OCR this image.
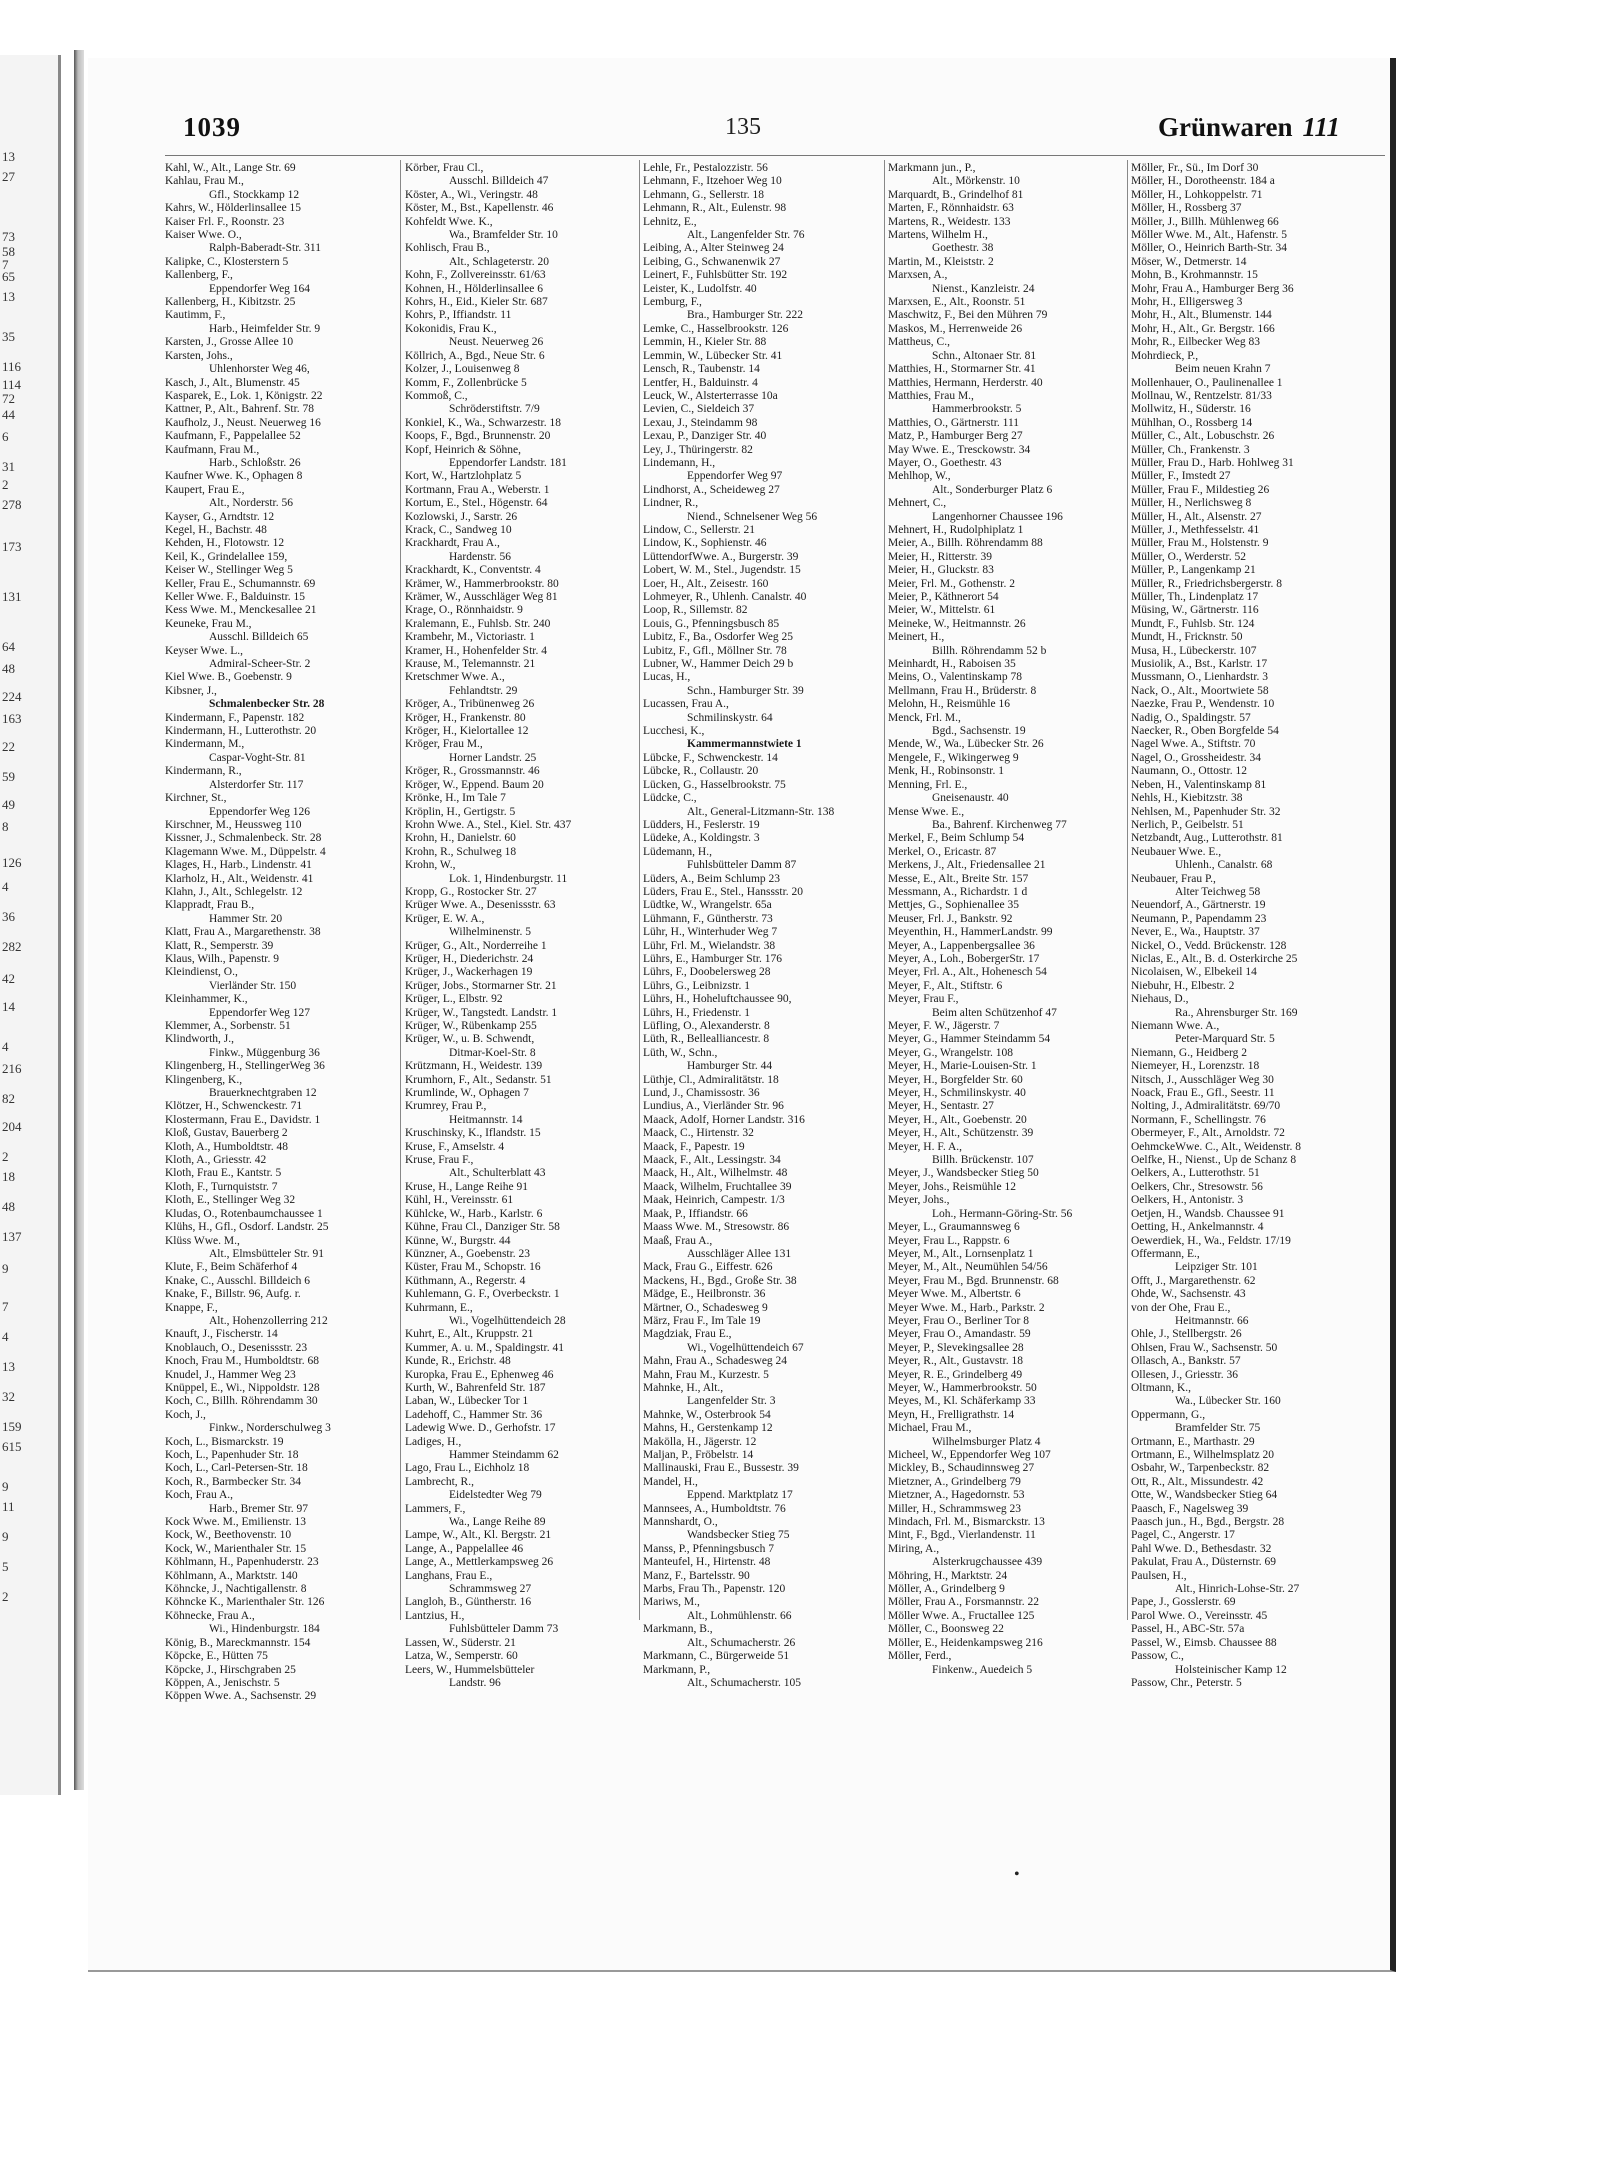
13
27
73
58
7
65
13
35
116
114
72
44
6
31
2
278
173
131
64
48
224
163
22
59
49
8
126
4
36
282
42
14
4
216
82
204
2
18
48
137
9
7
4
13
32
159
615
9
11
9
5
2
1039	135	Grünwaren 111
Kahl, W., Alt., Lange Str. 69
Kahlau, Frau M.,
Gfl., Stockkamp 12
Kahrs, W., Hölderlinsallee 15
Kaiser Frl. F., Roonstr. 23
Kaiser Wwe. O.,
Ralph-Baberadt-Str. 311
Kalipke, C., Klosterstern 5
Kallenberg, F.,
Eppendorfer Weg 164
Kallenberg, H., Kibitzstr. 25
Kautimm, F.,
Harb., Heimfelder Str. 9
Karsten, J., Grosse Allee 10
Karsten, Johs.,
Uhlenhorster Weg 46,
Kasch, J., Alt., Blumenstr. 45
Kasparek, E., Lok. 1, Königstr. 22
Kattner, P., Alt., Bahrenf. Str. 78
Kaufholz, J., Neust. Neuerweg 16
Kaufmann, F., Pappelallee 52
Kaufmann, Frau M.,
Harb., Schloßstr. 26
Kaufner Wwe. K., Ophagen 8
Kaupert, Frau E.,
Alt., Norderstr. 56
Kayser, G., Arndtstr. 12
Kegel, H., Bachstr. 48
Kehden, H., Flotowstr. 12
Keil, K., Grindelallee 159,
Keiser W., Stellinger Weg 5
Keller, Frau E., Schumannstr. 69
Keller Wwe. F., Balduinstr. 15
Kess Wwe. M., Menckesallee 21
Keuneke, Frau M.,
Ausschl. Billdeich 65
Keyser Wwe. L.,
Admiral-Scheer-Str. 2
Kiel Wwe. B., Goebenstr. 9
Kibsner, J.,
Schmalenbecker Str. 28
Kindermann, F., Papenstr. 182
Kindermann, H., Lutterothstr. 20
Kindermann, M.,
Caspar-Voght-Str. 81
Kindermann, R.,
Alsterdorfer Str. 117
Kirchner, St.,
Eppendorfer Weg 126
Kirschner, M., Heussweg 110
Kissner, J., Schmalenbeck. Str. 28
Klagemann Wwe. M., Düppelstr. 4
Klages, H., Harb., Lindenstr. 41
Klarholz, H., Alt., Weidenstr. 41
Klahn, J., Alt., Schlegelstr. 12
Klappradt, Frau B.,
Hammer Str. 20
Klatt, Frau A., Margarethenstr. 38
Klatt, R., Semperstr. 39
Klaus, Wilh., Papenstr. 9
Kleindienst, O.,
Vierländer Str. 150
Kleinhammer, K.,
Eppendorfer Weg 127
Klemmer, A., Sorbenstr. 51
Klindworth, J.,
Finkw., Müggenburg 36
Klingenberg, H., StellingerWeg 36
Klingenberg, K.,
Brauerknechtgraben 12
Klötzer, H., Schwenckestr. 71
Klostermann, Frau E., Davidstr. 1
Kloß, Gustav, Bauerberg 2
Kloth, A., Humboldtstr. 48
Kloth, A., Griesstr. 42
Kloth, Frau E., Kantstr. 5
Kloth, F., Turnquiststr. 7
Kloth, E., Stellinger Weg 32
Kludas, O., Rotenbaumchaussee 1
Klühs, H., Gfl., Osdorf. Landstr. 25
Klüss Wwe. M.,
Alt., Elmsbütteler Str. 91
Klute, F., Beim Schäferhof 4
Knake, C., Ausschl. Billdeich 6
Knake, F., Billstr. 96, Aufg. r.
Knappe, F.,
Alt., Hohenzollerring 212
Knauft, J., Fischerstr. 14
Knoblauch, O., Desenissstr. 23
Knoch, Frau M., Humboldtstr. 68
Knudel, J., Hammer Weg 23
Knüppel, E., Wi., Nippoldstr. 128
Koch, C., Billh. Röhrendamm 30
Koch, J.,
Finkw., Norderschulweg 3
Koch, L., Bismarckstr. 19
Koch, L., Papenhuder Str. 18
Koch, L., Carl-Petersen-Str. 18
Koch, R., Barmbecker Str. 34
Koch, Frau A.,
Harb., Bremer Str. 97
Kock Wwe. M., Emilienstr. 13
Kock, W., Beethovenstr. 10
Kock, W., Marienthaler Str. 15
Köhlmann, H., Papenhuderstr. 23
Köhlmann, A., Marktstr. 140
Köhncke, J., Nachtigallenstr. 8
Köhncke K., Marienthaler Str. 126
Köhnecke, Frau A.,
Wi., Hindenburgstr. 184
König, B., Mareckmannstr. 154
Köpcke, E., Hütten 75
Köpcke, J., Hirschgraben 25
Köppen, A., Jenischstr. 5
Köppen Wwe. A., Sachsenstr. 29
Körber, Frau Cl.,
Ausschl. Billdeich 47
Köster, A., Wi., Veringstr. 48
Köster, M., Bst., Kapellenstr. 46
Kohfeldt Wwe. K.,
Wa., Bramfelder Str. 10
Kohlisch, Frau B.,
Alt., Schlageterstr. 20
Kohn, F., Zollvereinsstr. 61/63
Kohnen, H., Hölderlinsallee 6
Kohrs, H., Eid., Kieler Str. 687
Kohrs, P., Iffiandstr. 11
Kokonidis, Frau K.,
Neust. Neuerweg 26
Köllrich, A., Bgd., Neue Str. 6
Kolzer, J., Louisenweg 8
Komm, F., Zollenbrücke 5
Kommoß, C.,
Schröderstiftstr. 7/9
Konkiel, K., Wa., Schwarzestr. 18
Koops, F., Bgd., Brunnenstr. 20
Kopf, Heinrich & Söhne,
Eppendorfer Landstr. 181
Kort, W., Hartzlohplatz 5
Kortmann, Frau A., Weberstr. 1
Kortum, E., Stel., Högenstr. 64
Kozlowski, J., Sarstr. 26
Krack, C., Sandweg 10
Krackhardt, Frau A.,
Hardenstr. 56
Krackhardt, K., Conventstr. 4
Krämer, W., Hammerbrookstr. 80
Krämer, W., Ausschläger Weg 81
Krage, O., Rönnhaidstr. 9
Kralemann, E., Fuhlsb. Str. 240
Krambehr, M., Victoriastr. 1
Kramer, H., Hohenfelder Str. 4
Krause, M., Telemannstr. 21
Kretschmer Wwe. A.,
Fehlandtstr. 29
Kröger, A., Tribünenweg 26
Kröger, H., Frankenstr. 80
Kröger, H., Kielortallee 12
Kröger, Frau M.,
Horner Landstr. 25
Kröger, R., Grossmannstr. 46
Kröger, W., Eppend. Baum 20
Krönke, H., Im Tale 7
Kröplin, H., Gertigstr. 5
Krohn Wwe. A., Stel., Kiel. Str. 437
Krohn, H., Danielstr. 60
Krohn, R., Schulweg 18
Krohn, W.,
Lok. 1, Hindenburgstr. 11
Kropp, G., Rostocker Str. 27
Krüger Wwe. A., Desenissstr. 63
Krüger, E. W. A.,
Wilhelminenstr. 5
Krüger, G., Alt., Norderreihe 1
Krüger, H., Diederichstr. 24
Krüger, J., Wackerhagen 19
Krüger, Jobs., Stormarner Str. 21
Krüger, L., Elbstr. 92
Krüger, W., Tangstedt. Landstr. 1
Krüger, W., Rübenkamp 255
Krüger, W., u. B. Schwendt,
Ditmar-Koel-Str. 8
Krützmann, H., Weidestr. 139
Krumhorn, F., Alt., Sedanstr. 51
Krumlinde, W., Ophagen 7
Krumrey, Frau P.,
Heitmannstr. 14
Kruschinsky, K., Iflandstr. 15
Kruse, F., Amselstr. 4
Kruse, Frau F.,
Alt., Schulterblatt 43
Kruse, H., Lange Reihe 91
Kühl, H., Vereinsstr. 61
Kühlcke, W., Harb., Karlstr. 6
Kühne, Frau Cl., Danziger Str. 58
Künne, W., Burgstr. 44
Künzner, A., Goebenstr. 23
Küster, Frau M., Schopstr. 16
Küthmann, A., Regerstr. 4
Kuhlemann, G. F., Overbeckstr. 1
Kuhrmann, E.,
Wi., Vogelhüttendeich 28
Kuhrt, E., Alt., Kruppstr. 21
Kummer, A. u. M., Spaldingstr. 41
Kunde, R., Erichstr. 48
Kuropka, Frau E., Ephenweg 46
Kurth, W., Bahrenfeld Str. 187
Laban, W., Lübecker Tor 1
Ladehoff, C., Hammer Str. 36
Ladewig Wwe. D., Gerhofstr. 17
Ladiges, H.,
Hammer Steindamm 62
Lago, Frau L., Eichholz 18
Lambrecht, R.,
Eidelstedter Weg 79
Lammers, F.,
Wa., Lange Reihe 89
Lampe, W., Alt., Kl. Bergstr. 21
Lange, A., Pappelallee 46
Lange, A., Mettlerkampsweg 26
Langhans, Frau E.,
Schrammsweg 27
Langloh, B., Güntherstr. 16
Lantzius, H.,
Fuhlsbütteler Damm 73
Lassen, W., Süderstr. 21
Latza, W., Semperstr. 60
Leers, W., Hummelsbütteler
Landstr. 96
Lehle, Fr., Pestalozzistr. 56
Lehmann, F., Itzehoer Weg 10
Lehmann, G., Sellerstr. 18
Lehmann, R., Alt., Eulenstr. 98
Lehnitz, E.,
Alt., Langenfelder Str. 76
Leibing, A., Alter Steinweg 24
Leibing, G., Schwanenwik 27
Leinert, F., Fuhlsbütter Str. 192
Leister, K., Ludolfstr. 40
Lemburg, F.,
Bra., Hamburger Str. 222
Lemke, C., Hasselbrookstr. 126
Lemmin, H., Kieler Str. 88
Lemmin, W., Lübecker Str. 41
Lensch, R., Taubenstr. 14
Lentfer, H., Balduinstr. 4
Leuck, W., Alsterterrasse 10a
Levien, C., Sieldeich 37
Lexau, J., Steindamm 98
Lexau, P., Danziger Str. 40
Ley, J., Thüringerstr. 82
Lindemann, H.,
Eppendorfer Weg 97
Lindhorst, A., Scheideweg 27
Lindner, R.,
Niend., Schnelsener Weg 56
Lindow, C., Sellerstr. 21
Lindow, K., Sophienstr. 46
LüttendorfWwe. A., Burgerstr. 39
Lobert, W. M., Stel., Jugendstr. 15
Loer, H., Alt., Zeisestr. 160
Lohmeyer, R., Uhlenh. Canalstr. 40
Loop, R., Sillemstr. 82
Louis, G., Pfenningsbusch 85
Lubitz, F., Ba., Osdorfer Weg 25
Lubitz, F., Gfl., Möllner Str. 78
Lubner, W., Hammer Deich 29 b
Lucas, H.,
Schn., Hamburger Str. 39
Lucassen, Frau A.,
Schmilinskystr. 64
Lucchesi, K.,
Kammermannstwiete 1
Lübcke, F., Schwenckestr. 14
Lübcke, R., Collaustr. 20
Lücken, G., Hasselbrookstr. 75
Lüdcke, C.,
Alt., General-Litzmann-Str. 138
Lüdders, H., Feslerstr. 19
Lüdeke, A., Koldingstr. 3
Lüdemann, H.,
Fuhlsbütteler Damm 87
Lüders, A., Beim Schlump 23
Lüders, Frau E., Stel., Hanssstr. 20
Lüdtke, W., Wrangelstr. 65a
Lühmann, F., Güntherstr. 73
Lühr, H., Winterhuder Weg 7
Lühr, Frl. M., Wielandstr. 38
Lührs, E., Hamburger Str. 176
Lührs, F., Doobelersweg 28
Lührs, G., Leibnizstr. 1
Lührs, H., Hoheluftchaussee 90,
Lührs, H., Friedenstr. 1
Lüfling, O., Alexanderstr. 8
Lüth, R., Bellealliancestr. 8
Lüth, W., Schn.,
Hamburger Str. 44
Lüthje, Cl., Admiralitätstr. 18
Lund, J., Chamissostr. 36
Lundius, A., Vierländer Str. 96
Maack, Adolf, Horner Landstr. 316
Maack, C., Hirtenstr. 32
Maack, F., Papestr. 19
Maack, F., Alt., Lessingstr. 34
Maack, H., Alt., Wilhelmstr. 48
Maack, Wilhelm, Fruchtallee 39
Maak, Heinrich, Campestr. 1/3
Maak, P., Iffiandstr. 66
Maass Wwe. M., Stresowstr. 86
Maaß, Frau A.,
Ausschläger Allee 131
Mack, Frau G., Eiffestr. 626
Mackens, H., Bgd., Große Str. 38
Mädge, E., Heilbronstr. 36
Märtner, O., Schadesweg 9
März, Frau F., Im Tale 19
Magdziak, Frau E.,
Wi., Vogelhüttendeich 67
Mahn, Frau A., Schadesweg 24
Mahn, Frau M., Kurzestr. 5
Mahnke, H., Alt.,
Langenfelder Str. 3
Mahnke, W., Osterbrook 54
Mahns, H., Gerstenkamp 12
Makölla, H., Jägerstr. 12
Maljan, P., Fröbelstr. 14
Mallinauski, Frau E., Bussestr. 39
Mandel, H.,
Eppend. Marktplatz 17
Mannsees, A., Humboldtstr. 76
Mannshardt, O.,
Wandsbecker Stieg 75
Manss, P., Pfenningsbusch 7
Manteufel, H., Hirtenstr. 48
Manz, F., Bartelsstr. 90
Marbs, Frau Th., Papenstr. 120
Mariws, M.,
Alt., Lohmühlenstr. 66
Markmann, B.,
Alt., Schumacherstr. 26
Markmann, C., Bürgerweide 51
Markmann, P.,
Alt., Schumacherstr. 105
Markmann jun., P.,
Alt., Mörkenstr. 10
Marquardt, B., Grindelhof 81
Marten, F., Rönnhaidstr. 63
Martens, R., Weidestr. 133
Martens, Wilhelm H.,
Goethestr. 38
Martin, M., Kleiststr. 2
Marxsen, A.,
Nienst., Kanzleistr. 24
Marxsen, E., Alt., Roonstr. 51
Maschwitz, F., Bei den Mühren 79
Maskos, M., Herrenweide 26
Mattheus, C.,
Schn., Altonaer Str. 81
Matthies, H., Stormarner Str. 41
Matthies, Hermann, Herderstr. 40
Matthies, Frau M.,
Hammerbrookstr. 5
Matthies, O., Gärtnerstr. 111
Matz, P., Hamburger Berg 27
May Wwe. E., Tresckowstr. 34
Mayer, O., Goethestr. 43
Mehlhop, W.,
Alt., Sonderburger Platz 6
Mehnert, C.,
Langenhorner Chaussee 196
Mehnert, H., Rudolphiplatz 1
Meier, A., Billh. Röhrendamm 88
Meier, H., Ritterstr. 39
Meier, H., Gluckstr. 83
Meier, Frl. M., Gothenstr. 2
Meier, P., Käthnerort 54
Meier, W., Mittelstr. 61
Meineke, W., Heitmannstr. 26
Meinert, H.,
Billh. Röhrendamm 52 b
Meinhardt, H., Raboisen 35
Meins, O., Valentinskamp 78
Mellmann, Frau H., Brüderstr. 8
Melohn, H., Reismühle 16
Menck, Frl. M.,
Bgd., Sachsenstr. 19
Mende, W., Wa., Lübecker Str. 26
Mengele, F., Wikingerweg 9
Menk, H., Robinsonstr. 1
Menning, Frl. E.,
Gneisenaustr. 40
Mense Wwe. E.,
Ba., Bahrenf. Kirchenweg 77
Merkel, F., Beim Schlump 54
Merkel, O., Ericastr. 87
Merkens, J., Alt., Friedensallee 21
Messe, E., Alt., Breite Str. 157
Messmann, A., Richardstr. 1 d
Mettjes, G., Sophienallee 35
Meuser, Frl. J., Bankstr. 92
Meyenthin, H., HammerLandstr. 99
Meyer, A., Lappenbergsallee 36
Meyer, A., Loh., BobergerStr. 17
Meyer, Frl. A., Alt., Hohenesch 54
Meyer, F., Alt., Stiftstr. 6
Meyer, Frau F.,
Beim alten Schützenhof 47
Meyer, F. W., Jägerstr. 7
Meyer, G., Hammer Steindamm 54
Meyer, G., Wrangelstr. 108
Meyer, H., Marie-Louisen-Str. 1
Meyer, H., Borgfelder Str. 60
Meyer, H., Schmilinskystr. 40
Meyer, H., Sentastr. 27
Meyer, H., Alt., Goebenstr. 20
Meyer, H., Alt., Schützenstr. 39
Meyer, H. F. A.,
Billh. Brückenstr. 107
Meyer, J., Wandsbecker Stieg 50
Meyer, Johs., Reismühle 12
Meyer, Johs.,
Loh., Hermann-Göring-Str. 56
Meyer, L., Graumannsweg 6
Meyer, Frau L., Rappstr. 6
Meyer, M., Alt., Lornsenplatz 1
Meyer, M., Alt., Neumühlen 54/56
Meyer, Frau M., Bgd. Brunnenstr. 68
Meyer Wwe. M., Albertstr. 6
Meyer Wwe. M., Harb., Parkstr. 2
Meyer, Frau O., Berliner Tor 8
Meyer, Frau O., Amandastr. 59
Meyer, P., Slevekingsallee 28
Meyer, R., Alt., Gustavstr. 18
Meyer, R. E., Grindelberg 49
Meyer, W., Hammerbrookstr. 50
Meyes, M., Kl. Schäferkamp 33
Meyn, H., Frelligrathstr. 14
Michael, Frau M.,
Wilhelmsburger Platz 4
Micheel, W., Eppendorfer Weg 107
Mickley, B., Schaudinnsweg 27
Mietzner, A., Grindelberg 79
Mietzner, A., Hagedornstr. 53
Miller, H., Schrammsweg 23
Mindach, Frl. M., Bismarckstr. 13
Mint, F., Bgd., Vierlandenstr. 11
Miring, A.,
Alsterkrugchaussee 439
Möhring, H., Marktstr. 24
Möller, A., Grindelberg 9
Möller, Frau A., Forsmannstr. 22
Möller Wwe. A., Fructallee 125
Möller, C., Boonsweg 22
Möller, E., Heidenkampsweg 216
Möller, Ferd.,
Finkenw., Auedeich 5
Möller, Fr., Sü., Im Dorf 30
Möller, H., Dorotheenstr. 184 a
Möller, H., Lohkoppelstr. 71
Möller, H., Rossberg 37
Möller, J., Billh. Mühlenweg 66
Möller Wwe. M., Alt., Hafenstr. 5
Möller, O., Heinrich Barth-Str. 34
Möser, W., Detmerstr. 14
Mohn, B., Krohmannstr. 15
Mohr, Frau A., Hamburger Berg 36
Mohr, H., Elligersweg 3
Mohr, H., Alt., Blumenstr. 144
Mohr, H., Alt., Gr. Bergstr. 166
Mohr, R., Eilbecker Weg 83
Mohrdieck, P.,
Beim neuen Krahn 7
Mollenhauer, O., Paulinenallee 1
Mollnau, W., Rentzelstr. 81/33
Mollwitz, H., Süderstr. 16
Mühlhan, O., Rossberg 14
Müller, C., Alt., Lobuschstr. 26
Müller, Ch., Frankenstr. 3
Müller, Frau D., Harb. Hohlweg 31
Müller, F., Imstedt 27
Müller, Frau F., Mildestieg 26
Müller, H., Nerlichsweg 8
Müller, H., Alt., Alsenstr. 27
Müller, J., Methfesselstr. 41
Müller, Frau M., Holstenstr. 9
Müller, O., Werderstr. 52
Müller, P., Langenkamp 21
Müller, R., Friedrichsbergerstr. 8
Müller, Th., Lindenplatz 17
Müsing, W., Gärtnerstr. 116
Mundt, F., Fuhlsb. Str. 124
Mundt, H., Fricknstr. 50
Musa, H., Lübeckerstr. 107
Musiolik, A., Bst., Karlstr. 17
Mussmann, O., Lienhardstr. 3
Nack, O., Alt., Moortwiete 58
Naezke, Frau P., Wendenstr. 10
Nadig, O., Spaldingstr. 57
Naecker, R., Oben Borgfelde 54
Nagel Wwe. A., Stiftstr. 70
Nagel, O., Grossheidestr. 34
Naumann, O., Ottostr. 12
Neben, H., Valentinskamp 81
Nehls, H., Kiebitzstr. 38
Nehlsen, M., Papenhuder Str. 32
Nerlich, P., Geibelstr. 51
Netzbandt, Aug., Lutterothstr. 81
Neubauer Wwe. E.,
Uhlenh., Canalstr. 68
Neubauer, Frau P.,
Alter Teichweg 58
Neuendorf, A., Gärtnerstr. 19
Neumann, P., Papendamm 23
Never, E., Wa., Hauptstr. 37
Nickel, O., Vedd. Brückenstr. 128
Niclas, E., Alt., B. d. Osterkirche 25
Nicolaisen, W., Elbekeil 14
Niebuhr, H., Elbestr. 2
Niehaus, D.,
Ra., Ahrensburger Str. 169
Niemann Wwe. A.,
Peter-Marquard Str. 5
Niemann, G., Heidberg 2
Niemeyer, H., Lorenzstr. 18
Nitsch, J., Ausschläger Weg 30
Noack, Frau E., Gfl., Seestr. 11
Nolting, J., Admiralitätstr. 69/70
Normann, F., Schellingstr. 76
Obermeyer, F., Alt., Arnoldstr. 72
OehmckeWwe. C., Alt., Weidenstr. 8
Oelfke, H., Nienst., Up de Schanz 8
Oelkers, A., Lutterothstr. 51
Oelkers, Chr., Stresowstr. 56
Oelkers, H., Antonistr. 3
Oetjen, H., Wandsb. Chaussee 91
Oetting, H., Ankelmannstr. 4
Oewerdiek, H., Wa., Feldstr. 17/19
Offermann, E.,
Leipziger Str. 101
Offt, J., Margarethenstr. 62
Ohde, W., Sachsenstr. 43
von der Ohe, Frau E.,
Heitmannstr. 66
Ohle, J., Stellbergstr. 26
Ohlsen, Frau W., Sachsenstr. 50
Ollasch, A., Bankstr. 57
Ollesen, J., Griesstr. 36
Oltmann, K.,
Wa., Lübecker Str. 160
Oppermann, G.,
Bramfelder Str. 75
Ortmann, E., Marthastr. 29
Ortmann, E., Wilhelmsplatz 20
Osbahr, W., Tarpenbeckstr. 82
Ott, R., Alt., Missundestr. 42
Otte, W., Wandsbecker Stieg 64
Paasch, F., Nagelsweg 39
Paasch jun., H., Bgd., Bergstr. 28
Pagel, C., Angerstr. 17
Pahl Wwe. D., Bethesdastr. 32
Pakulat, Frau A., Düsternstr. 69
Paulsen, H.,
Alt., Hinrich-Lohse-Str. 27
Pape, J., Gosslerstr. 69
Parol Wwe. O., Vereinsstr. 45
Passel, H., ABC-Str. 57a
Passel, W., Eimsb. Chaussee 88
Passow, C.,
Holsteinischer Kamp 12
Passow, Chr., Peterstr. 5
•
